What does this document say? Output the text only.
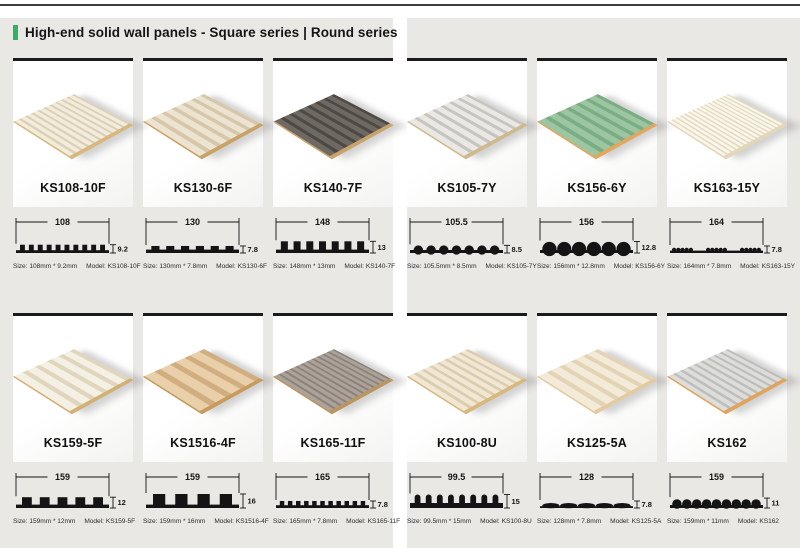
High-end solid wall panels - Square series | Round series
KS108-10F
108
9.2
Size: 108mm * 9.2mm Model: KS108-10F
KS130-6F
130
7.8
Size: 130mm * 7.8mm Model: KS130-6F
KS140-7F
148
13
Size: 148mm * 13mm Model: KS140-7F
KS159-5F
159
12
Size: 159mm * 12mm Model: KS159-5F
KS1516-4F
159
16
Size: 159mm * 16mm Model: KS1516-4F
KS165-11F
165
7.8
Size: 165mm * 7.8mm Model: KS165-11F
KS105-7Y
105.5
8.5
Size: 105.5mm * 8.5mm Model: KS105-7Y
KS156-6Y
156
12.8
Size: 156mm * 12.8mm Model: KS156-6Y
KS163-15Y
164
7.8
Size: 164mm * 7.8mm Model: KS163-15Y
KS100-8U
99.5
15
Size: 99.5mm * 15mm Model: KS100-8U
KS125-5A
128
7.8
Size: 128mm * 7.8mm Model: KS125-5A
KS162
159
11
Size: 159mm * 11mm Model: KS162
